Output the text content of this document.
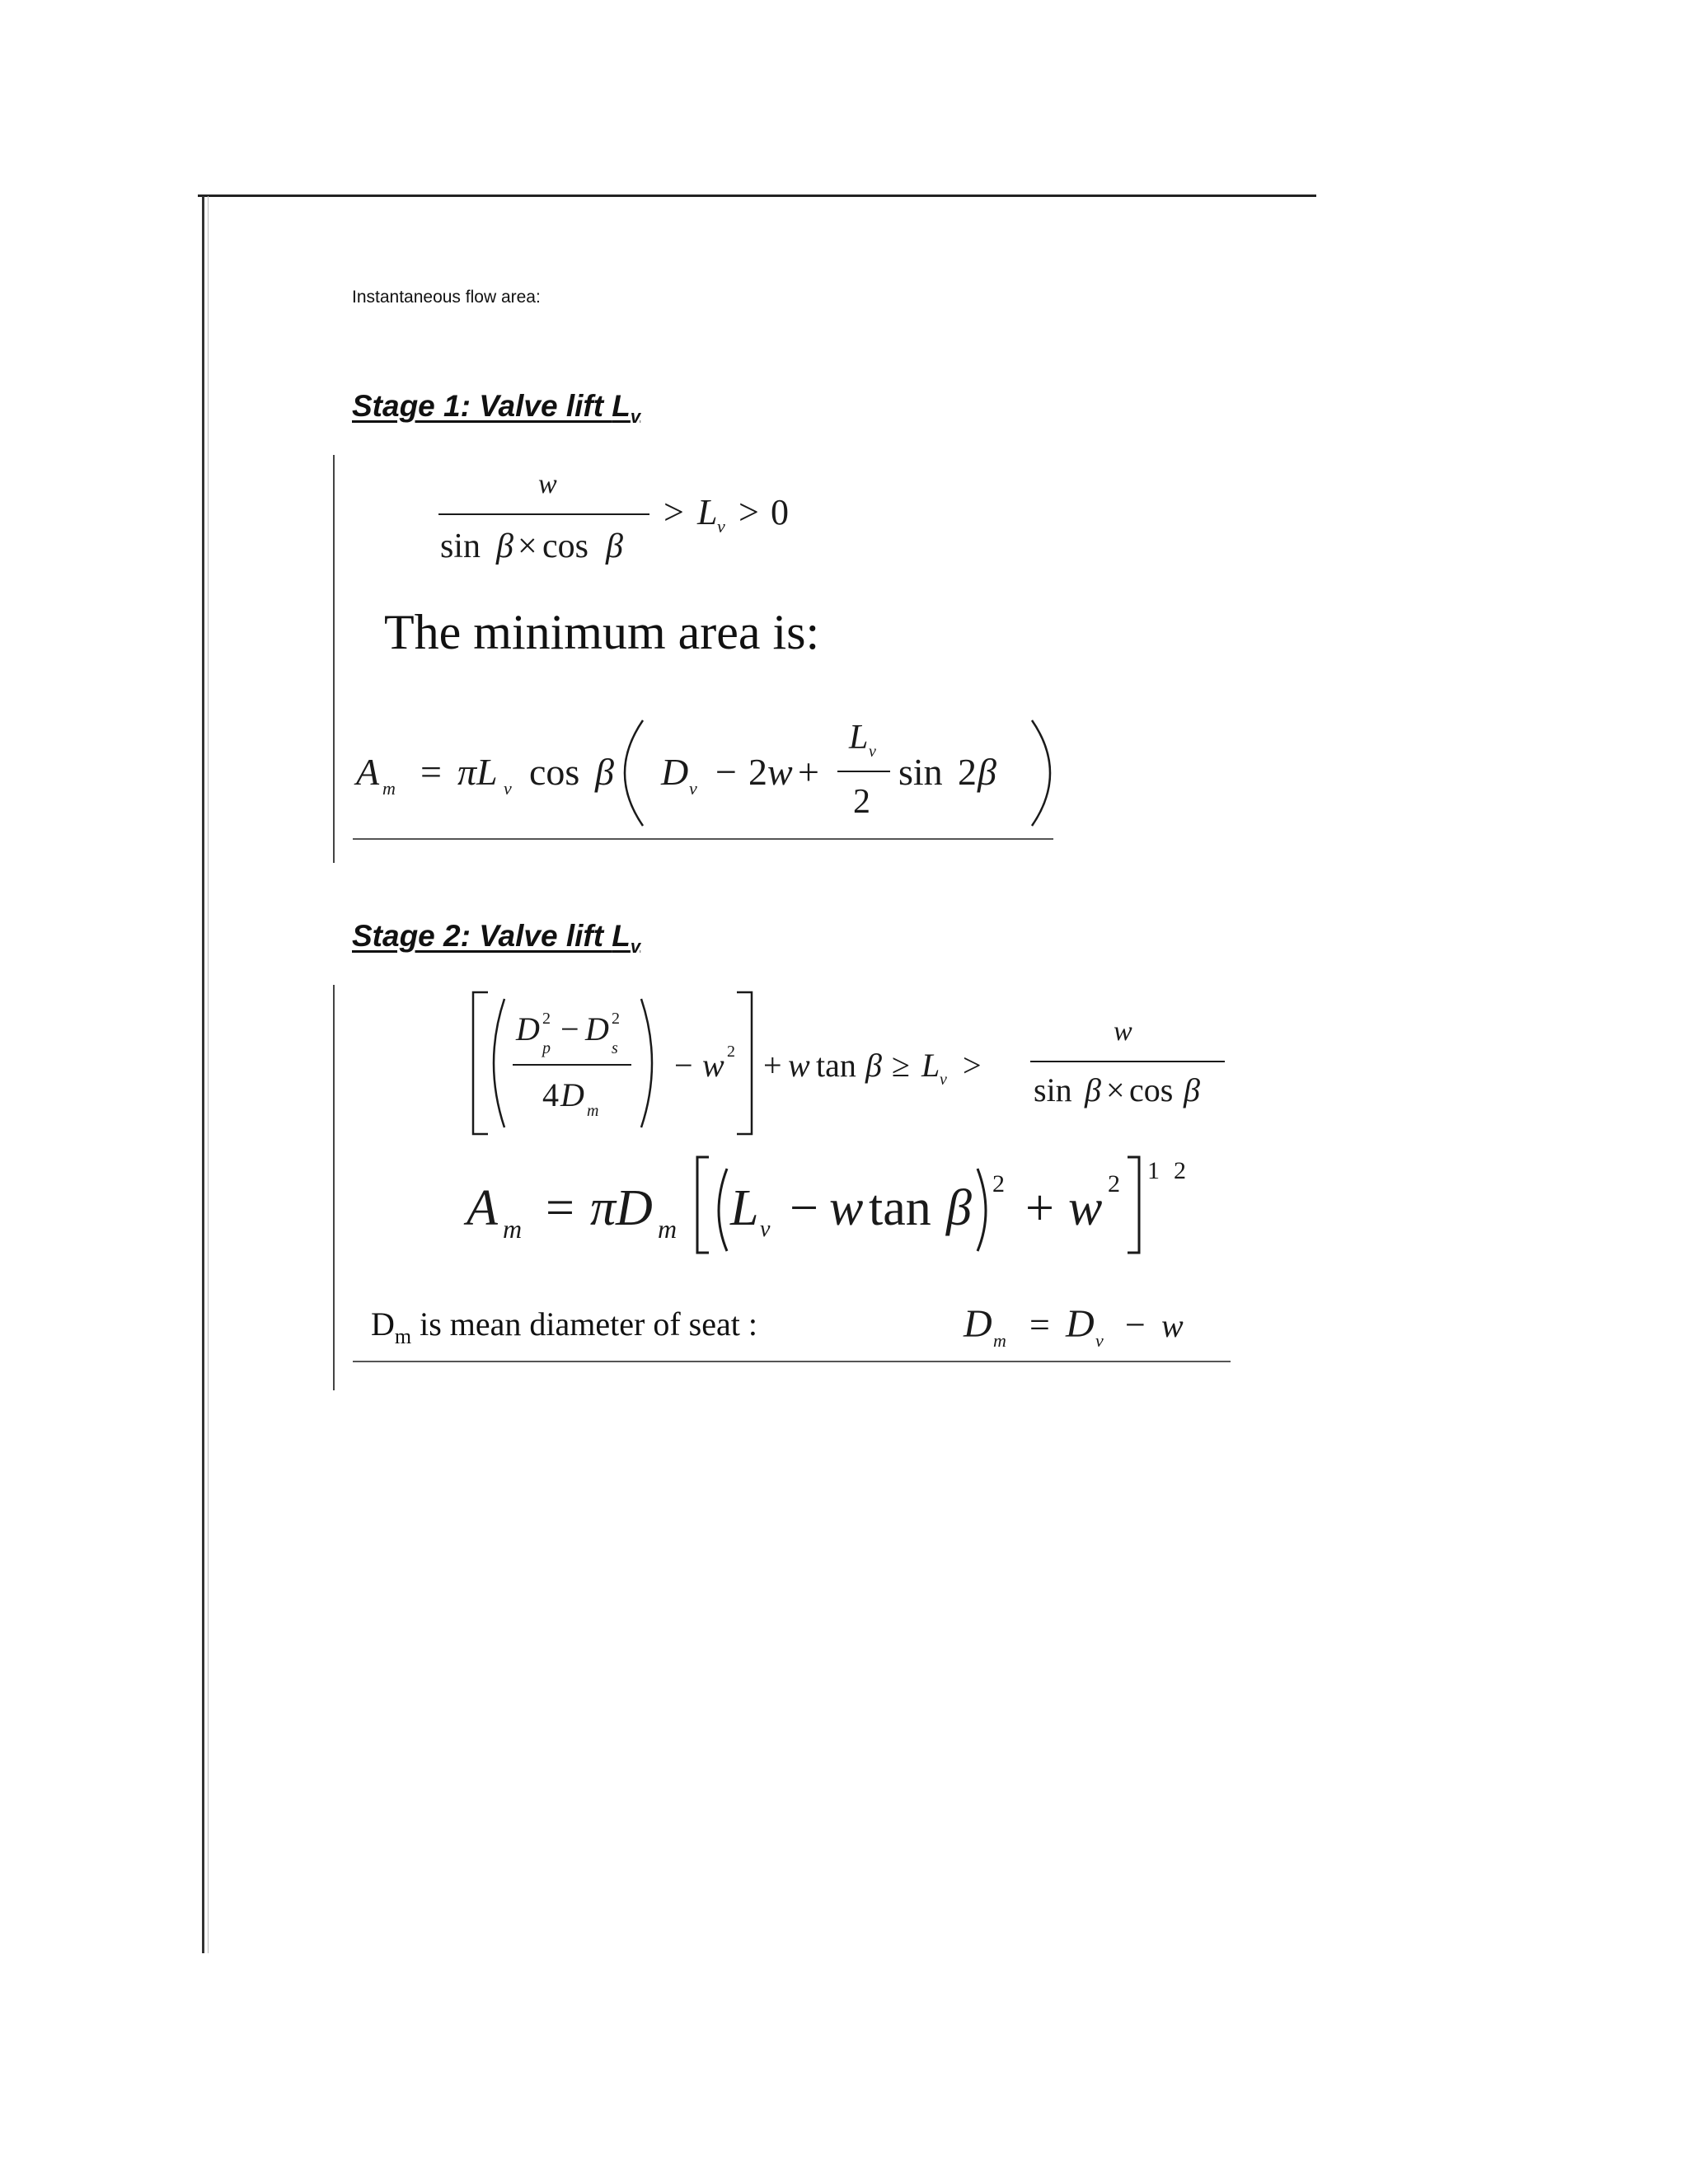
Instantaneous flow area:
Stage 1: Valve lift $L_v$
w
sin β × cos β
> L v > 0
The minimum area is:
A m = πL v cos β D v − 2 w +
L v
2
sin 2 β
Stage 2: Valve lift $L_v$
D 2
p
− D 2
s
4 D m
− w 2 + w tan β ≥ L v >
w
sin β × cos β
A m = πD m L v − w tan β 2 + w 2 1 2
$D_m$ is mean diameter of seat :	D m = D v − w
